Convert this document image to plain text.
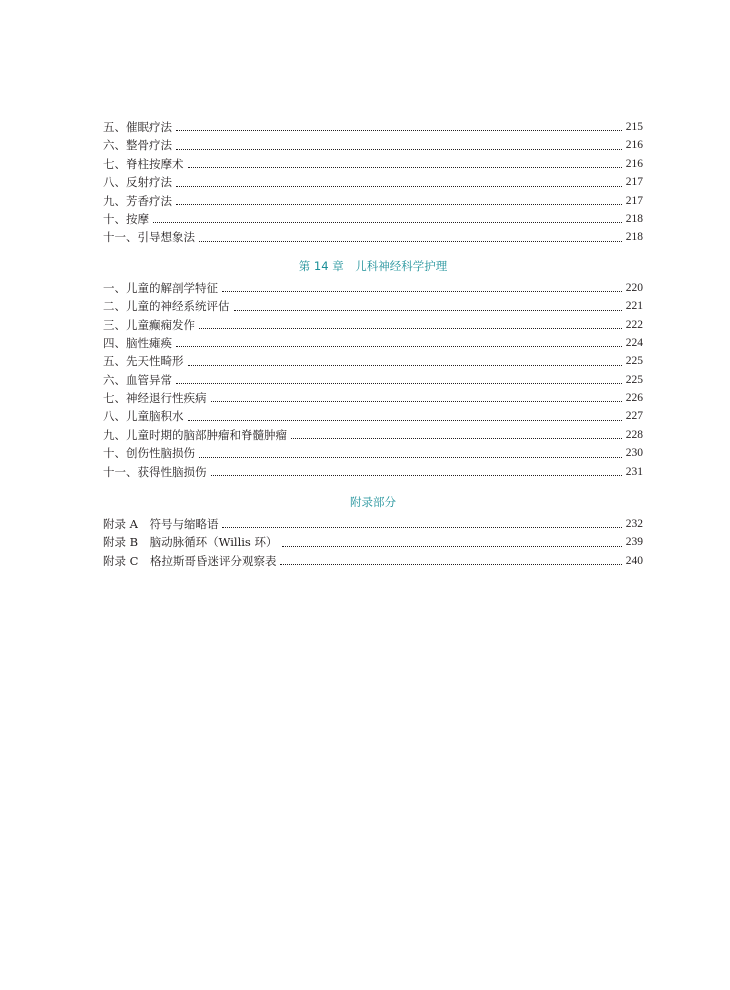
五、催眠疗法	215
六、整骨疗法	216
七、脊柱按摩术	216
八、反射疗法	217
九、芳香疗法	217
十、按摩	218
十一、引导想象法	218
第 14 章　儿科神经科学护理
一、儿童的解剖学特征	220
二、儿童的神经系统评估	221
三、儿童癫痫发作	222
四、脑性瘫痪	224
五、先天性畸形	225
六、血管异常	225
七、神经退行性疾病	226
八、儿童脑积水	227
九、儿童时期的脑部肿瘤和脊髓肿瘤	228
十、创伤性脑损伤	230
十一、获得性脑损伤	231
附录部分
附录 A　符号与缩略语	232
附录 B　脑动脉循环（Willis 环）	239
附录 C　格拉斯哥昏迷评分观察表	240
